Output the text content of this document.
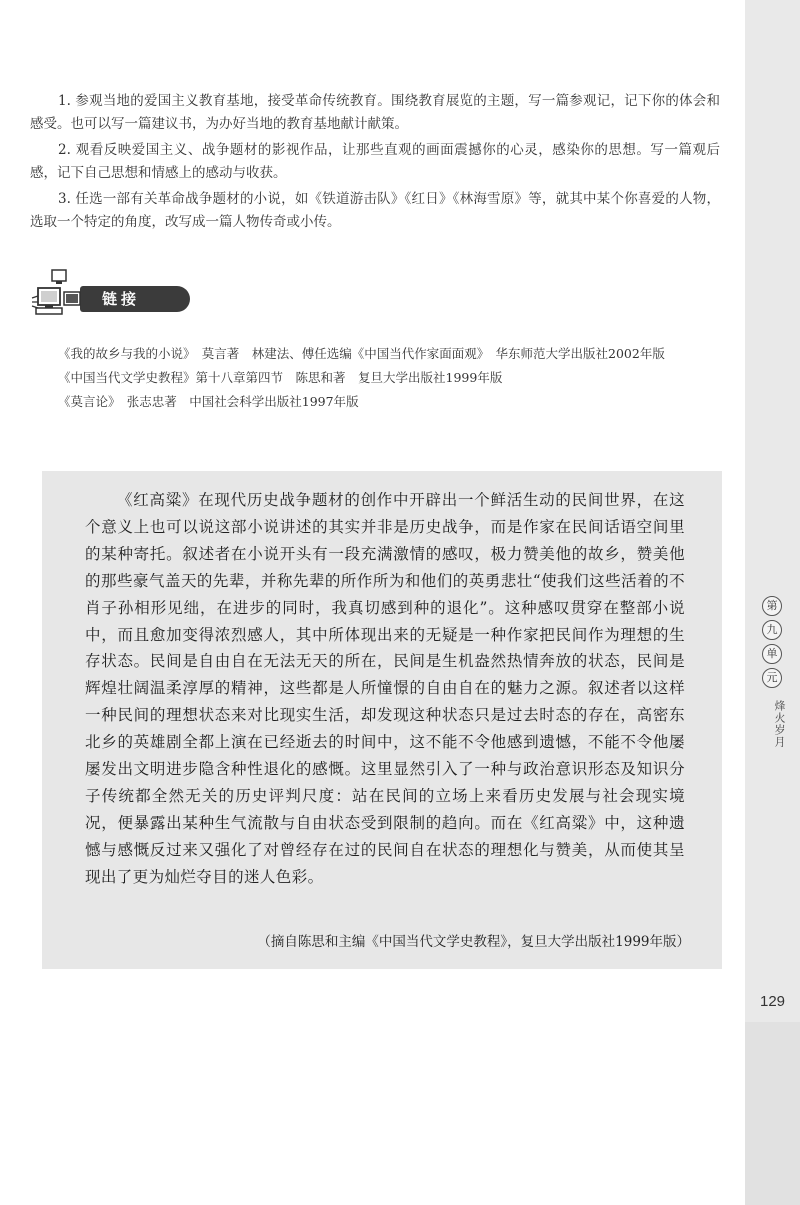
第
九
单
元
烽火岁月
129

1. 参观当地的爱国主义教育基地，接受革命传统教育。围绕教育展览的主题，写一篇参观记，记下你的体会和感受。也可以写一篇建议书，为办好当地的教育基地献计献策。

2. 观看反映爱国主义、战争题材的影视作品，让那些直观的画面震撼你的心灵，感染你的思想。写一篇观后感，记下自己思想和情感上的感动与收获。

3. 任选一部有关革命战争题材的小说，如《铁道游击队》《红日》《林海雪原》等，就其中某个你喜爱的人物，选取一个特定的角度，改写成一篇人物传奇或小传。

链接

《我的故乡与我的小说》　莫言著　林建法、傅任选编《中国当代作家面面观》　华东师范大学出版社2002年版

《中国当代文学史教程》第十八章第四节　陈思和著　复旦大学出版社1999年版

《莫言论》　张志忠著　中国社会科学出版社1997年版

《红高粱》在现代历史战争题材的创作中开辟出一个鲜活生动的民间世界，在这个意义上也可以说这部小说讲述的其实并非是历史战争，而是作家在民间话语空间里的某种寄托。叙述者在小说开头有一段充满激情的感叹，极力赞美他的故乡，赞美他的那些豪气盖天的先辈，并称先辈的所作所为和他们的英勇悲壮“使我们这些活着的不肖子孙相形见绌，在进步的同时，我真切感到种的退化”。这种感叹贯穿在整部小说中，而且愈加变得浓烈感人，其中所体现出来的无疑是一种作家把民间作为理想的生存状态。民间是自由自在无法无天的所在，民间是生机盎然热情奔放的状态，民间是辉煌壮阔温柔淳厚的精神，这些都是人所憧憬的自由自在的魅力之源。叙述者以这样一种民间的理想状态来对比现实生活，却发现这种状态只是过去时态的存在，高密东北乡的英雄剧全都上演在已经逝去的时间中，这不能不令他感到遗憾，不能不令他屡屡发出文明进步隐含种性退化的感慨。这里显然引入了一种与政治意识形态及知识分子传统都全然无关的历史评判尺度：站在民间的立场上来看历史发展与社会现实境况，便暴露出某种生气流散与自由状态受到限制的趋向。而在《红高粱》中，这种遗憾与感慨反过来又强化了对曾经存在过的民间自在状态的理想化与赞美，从而使其呈现出了更为灿烂夺目的迷人色彩。

（摘自陈思和主编《中国当代文学史教程》，复旦大学出版社1999年版）
